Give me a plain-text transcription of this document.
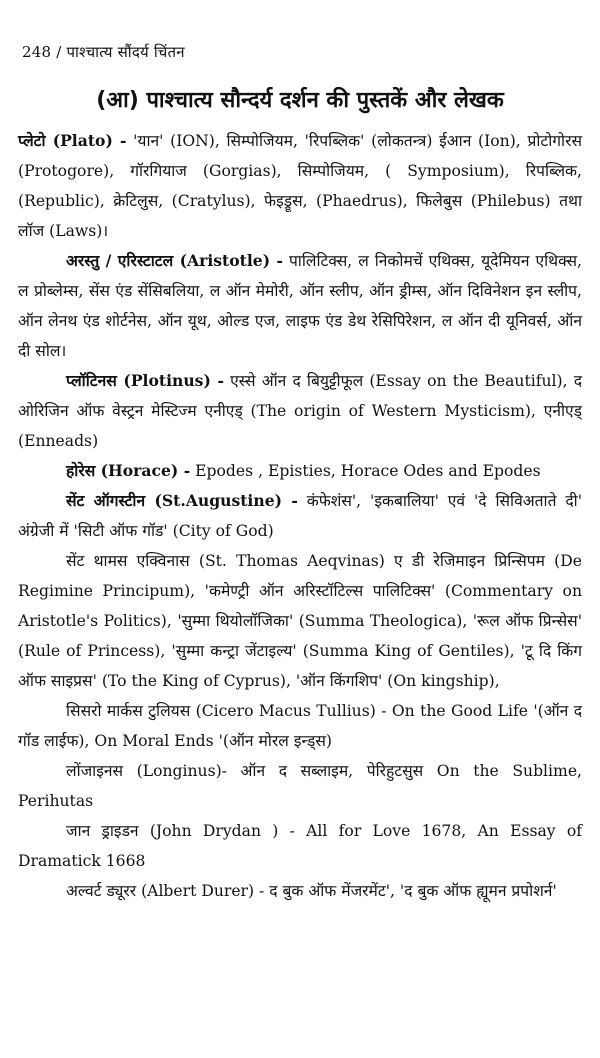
248 / पाश्चात्य सौंदर्य चिंतन
(आ) पाश्चात्य सौन्दर्य दर्शन की पुस्तकें और लेखक

प्लेटो (Plato) - 'यान' (ION), सिम्पोजियम, 'रिपब्लिक' (लोकतन्त्र) ईआन (Ion), प्रोटोगोरस (Protogore), गॉरगियाज (Gorgias), सिम्पोजियम, ( Symposium), रिपब्लिक, (Republic), क्रेटिलुस, (Cratylus), फेइड्रूस, (Phaedrus), फिलेबुस (Philebus) तथा लॉज (Laws)।

अरस्तु / एरिस्टाटल (Aristotle) - पालिटिक्स, ल निकोमचें एथिक्स, यूदेमियन एथिक्स, ल प्रोब्लेम्स, सेंस एंड सेंसिबलिया, ल ऑन मेमोरी, ऑन स्लीप, ऑन ड्रीम्स, ऑन दिविनेशन इन स्लीप, ऑन लेनथ एंड शोर्टनेस, ऑन यूथ, ओल्ड एज, लाइफ एंड डेथ रेसिपिरेशन, ल ऑन दी यूनिवर्स, ऑन दी सोल।

प्लॉटिनस (Plotinus) - एस्से ऑन द बियुट्टीफूल (Essay on the Beautiful), द ओरिजिन ऑफ वेस्ट्रन मेस्टिज्म एनीएड् (The origin of Western Mysticism), एनीएड् (Enneads)

होरेस (Horace) - Epodes , Episties, Horace Odes and Epodes

सेंट ऑगस्टीन (St.Augustine) - कंफेशंस', 'इकबालिया' एवं 'दे सिविअताते दी' अंग्रेजी में 'सिटी ऑफ गॉड' (City of God)

सेंट थामस एक्विनास (St. Thomas Aeqvinas) ए डी रेजिमाइन प्रिन्सिपम (De Regimine Principum), 'कमेण्ट्री ऑन अरिस्टॉटिल्स पालिटिक्स' (Commentary on Aristotle's Politics), 'सुम्मा थियोलॉजिका' (Summa Theologica), 'रूल ऑफ प्रिन्सेस' (Rule of Princess), 'सुम्मा कन्ट्रा जेंटाइल्य' (Summa King of Gentiles), 'टू दि किंग ऑफ साइप्रस' (To the King of Cyprus), 'ऑन किंगशिप' (On kingship),

सिसरो मार्कस टुलियस (Cicero Macus Tullius) - On the Good Life '(ऑन द गॉड लाईफ), On Moral Ends '(ऑन मोरल इन्ड्स)

लोंजाइनस (Longinus)- ऑन द सब्लाइम, पेरिहुटसुस On the Sublime, Perihutas

जान ड्राइडन (John Drydan ) - All for Love 1678, An Essay of Dramatick 1668

अल्वर्ट ड्यूरर (Albert Durer) - द बुक ऑफ मेंजरमेंट', 'द बुक ऑफ ह्यूमन प्रपोशर्न'
